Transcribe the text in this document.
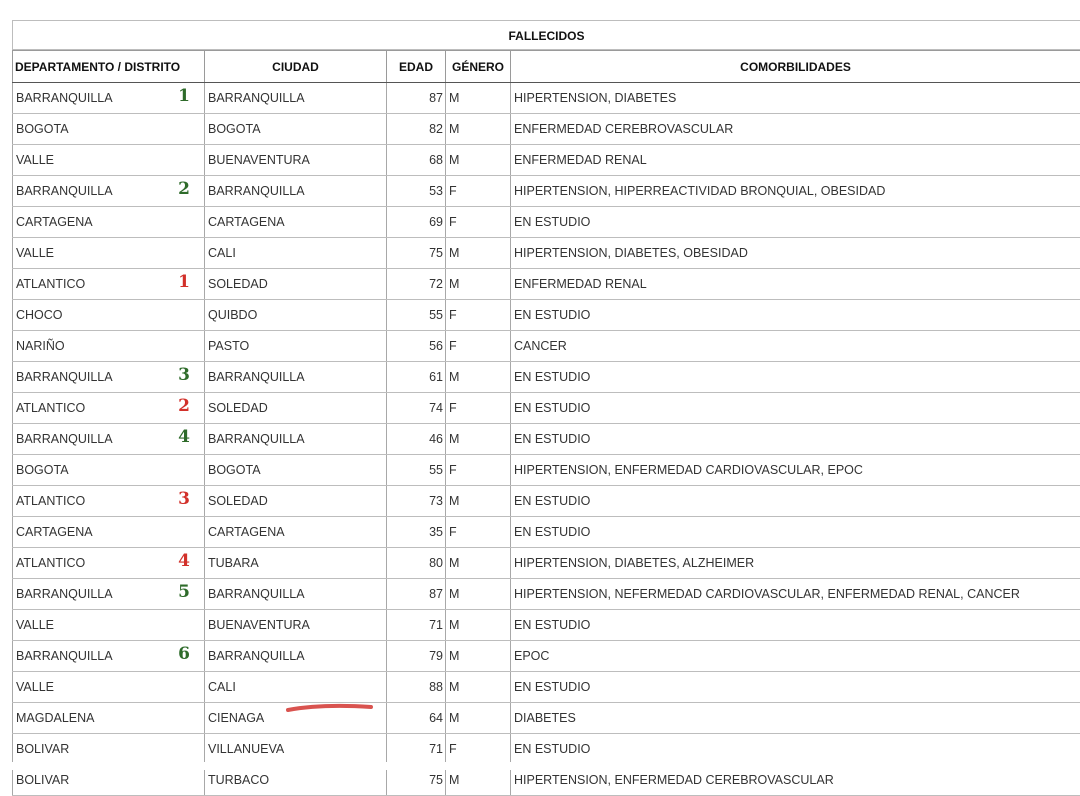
FALLECIDOS
DEPARTAMENTO / DISTRITO	CIUDAD	EDAD	GÉNERO	COMORBILIDADES
BARRANQUILLA 1	BARRANQUILLA	87	M	HIPERTENSION, DIABETES
BOGOTA	BOGOTA	82	M	ENFERMEDAD CEREBROVASCULAR
VALLE	BUENAVENTURA	68	M	ENFERMEDAD RENAL
BARRANQUILLA 2	BARRANQUILLA	53	F	HIPERTENSION, HIPERREACTIVIDAD BRONQUIAL, OBESIDAD
CARTAGENA	CARTAGENA	69	F	EN ESTUDIO
VALLE	CALI	75	M	HIPERTENSION, DIABETES, OBESIDAD
ATLANTICO 1	SOLEDAD	72	M	ENFERMEDAD RENAL
CHOCO	QUIBDO	55	F	EN ESTUDIO
NARIÑO	PASTO	56	F	CANCER
BARRANQUILLA 3	BARRANQUILLA	61	M	EN ESTUDIO
ATLANTICO 2	SOLEDAD	74	F	EN ESTUDIO
BARRANQUILLA 4	BARRANQUILLA	46	M	EN ESTUDIO
BOGOTA	BOGOTA	55	F	HIPERTENSION, ENFERMEDAD CARDIOVASCULAR, EPOC
ATLANTICO 3	SOLEDAD	73	M	EN ESTUDIO
CARTAGENA	CARTAGENA	35	F	EN ESTUDIO
ATLANTICO 4	TUBARA	80	M	HIPERTENSION, DIABETES, ALZHEIMER
BARRANQUILLA 5	BARRANQUILLA	87	M	HIPERTENSION, NEFERMEDAD CARDIOVASCULAR, ENFERMEDAD RENAL, CANCER
VALLE	BUENAVENTURA	71	M	EN ESTUDIO
BARRANQUILLA 6	BARRANQUILLA	79	M	EPOC
VALLE	CALI	88	M	EN ESTUDIO
MAGDALENA	CIENAGA	64	M	DIABETES
BOLIVAR	VILLANUEVA	71	F	EN ESTUDIO
BOLIVAR	TURBACO	75	M	HIPERTENSION, ENFERMEDAD CEREBROVASCULAR
